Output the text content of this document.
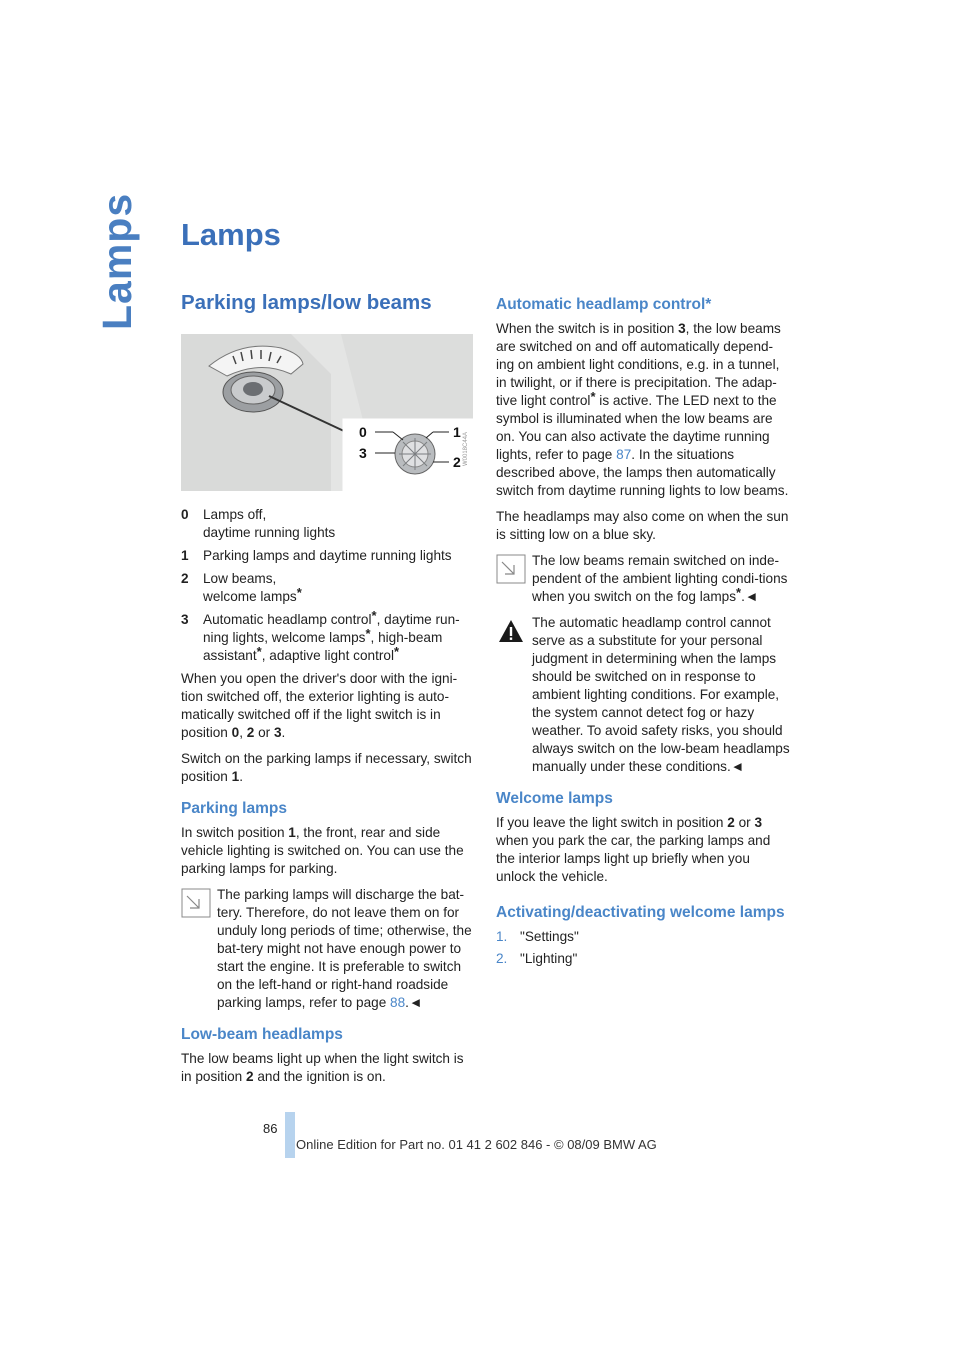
Lamps Lamps
Parking lamps/low beams
0	1
3
2 W0018C44A
0	Lamps off,
daytime running lights
1	Parking lamps and daytime running lights
2	Low beams,
welcome lamps*
3	Automatic headlamp control*, daytime run-ning lights, welcome lamps*, high-beam assistant*, adaptive light control*

When you open the driver's door with the igni-tion switched off, the exterior lighting is auto-matically switched off if the light switch is in position 0, 2 or 3.

Switch on the parking lamps if necessary, switch position 1.

Parking lamps

In switch position 1, the front, rear and side vehicle lighting is switched on. You can use the parking lamps for parking.

The parking lamps will discharge the bat-tery. Therefore, do not leave them on for unduly long periods of time; otherwise, the bat-tery might not have enough power to start the engine. It is preferable to switch on the left-hand or right-hand roadside parking lamps, refer to page 88.◄
Low-beam headlamps

The low beams light up when the light switch is in position 2 and the ignition is on.

Automatic headlamp control*

When the switch is in position 3, the low beams are switched on and off automatically depend-ing on ambient light conditions, e.g. in a tunnel, in twilight, or if there is precipitation. The adap-tive light control* is active. The LED next to the symbol is illuminated when the low beams are on. You can also activate the daytime running lights, refer to page 87. In the situations described above, the lamps then automatically switch from daytime running lights to low beams.

The headlamps may also come on when the sun is sitting low on a blue sky.

The low beams remain switched on inde-pendent of the ambient lighting condi-tions when you switch on the fog lamps*.◄
The automatic headlamp control cannot serve as a substitute for your personal judgment in determining when the lamps should be switched on in response to ambient lighting conditions. For example, the system cannot detect fog or hazy weather. To avoid safety risks, you should always switch on the low-beam headlamps manually under these conditions.◄
Welcome lamps

If you leave the light switch in position 2 or 3 when you park the car, the parking lamps and the interior lamps light up briefly when you unlock the vehicle.

Activating/deactivating welcome lamps
1. "Settings"
2. "Lighting"
86
Online Edition for Part no. 01 41 2 602 846 - © 08/09 BMW AG
